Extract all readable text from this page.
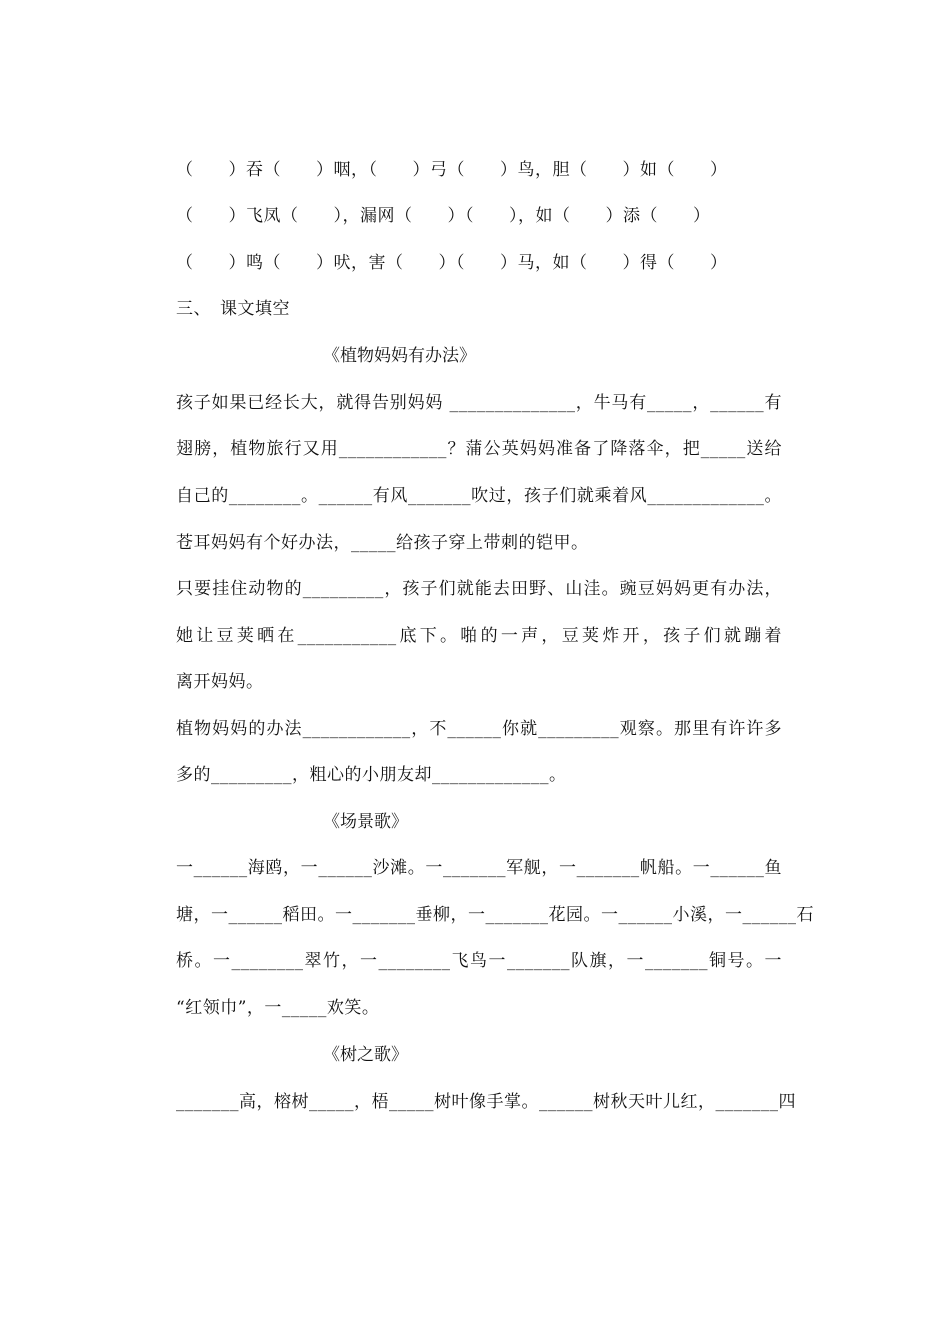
（　　）吞（　　）咽，（　　）弓（　　）鸟，胆（　　）如（　　）
（　　）飞凤（　　），漏网（　　）（　　），如（　　）添（　　）
（　　）鸣（　　）吠，害（　　）（　　）马，如（　　）得（　　）
三、　课文填空
《植物妈妈有办法》
孩子如果已经长大，就得告别妈妈 ______________，牛马有_____，______有
翅膀，植物旅行又用____________？蒲公英妈妈准备了降落伞，把_____送给
自己的________。______有风_______吹过，孩子们就乘着风_____________。
苍耳妈妈有个好办法，_____给孩子穿上带刺的铠甲。
只要挂住动物的_________，孩子们就能去田野、山洼。豌豆妈妈更有办法，
她让豆荚晒在___________底下。啪的一声，豆荚炸开，孩子们就蹦着
离开妈妈。
植物妈妈的办法____________，不______你就_________观察。那里有许许多
多的_________，粗心的小朋友却_____________。
《场景歌》
一______海鸥，一______沙滩。一_______军舰，一_______帆船。一______鱼
塘，一______稻田。一_______垂柳，一_______花园。一______小溪，一______石
桥。一________翠竹，一________飞鸟一_______队旗，一_______铜号。一
“红领巾”，一_____欢笑。
《树之歌》
_______高，榕树_____，梧_____树叶像手掌。______树秋天叶儿红，_______四
